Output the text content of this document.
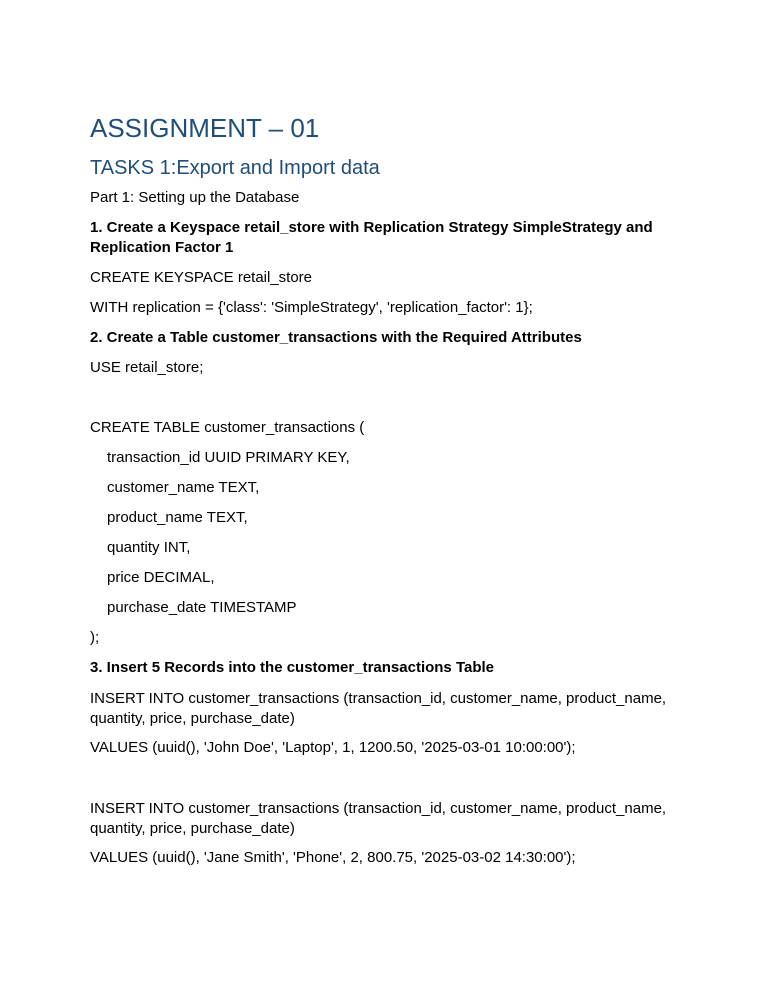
ASSIGNMENT – 01
TASKS 1:Export and Import data

Part 1: Setting up the Database

1. Create a Keyspace retail_store with Replication Strategy SimpleStrategy and Replication Factor 1

CREATE KEYSPACE retail_store

WITH replication = {'class': 'SimpleStrategy', 'replication_factor': 1};

2. Create a Table customer_transactions with the Required Attributes

USE retail_store;

CREATE TABLE customer_transactions (

transaction_id UUID PRIMARY KEY,

customer_name TEXT,

product_name TEXT,

quantity INT,

price DECIMAL,

purchase_date TIMESTAMP

);

3. Insert 5 Records into the customer_transactions Table

INSERT INTO customer_transactions (transaction_id, customer_name, product_name, quantity, price, purchase_date)

VALUES (uuid(), 'John Doe', 'Laptop', 1, 1200.50, '2025-03-01 10:00:00');

INSERT INTO customer_transactions (transaction_id, customer_name, product_name, quantity, price, purchase_date)

VALUES (uuid(), 'Jane Smith', 'Phone', 2, 800.75, '2025-03-02 14:30:00');
